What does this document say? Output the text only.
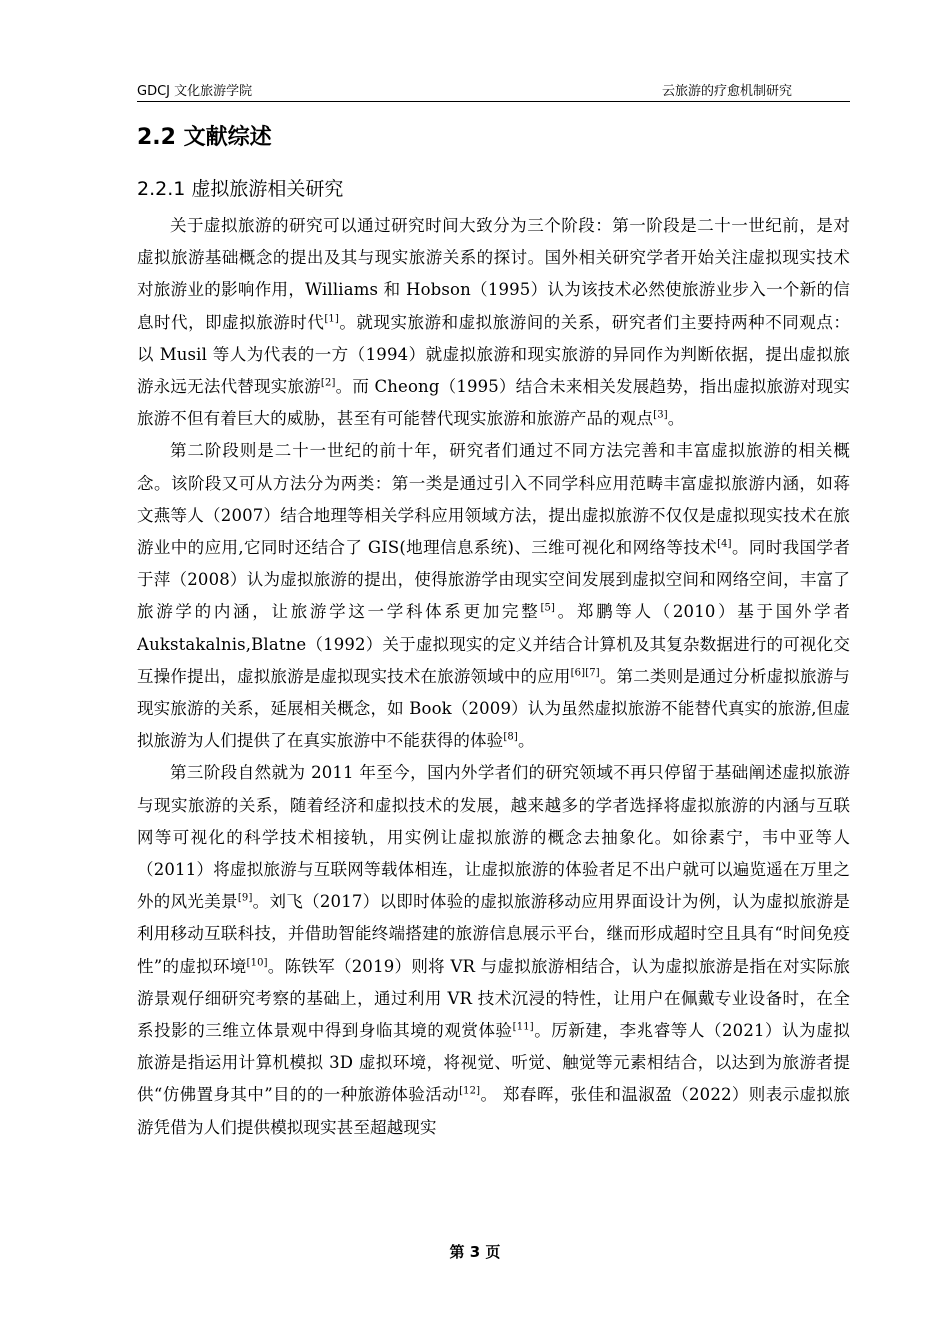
GDCJ 文化旅游学院	云旅游的疗愈机制研究
2.2 文献综述
2.2.1 虚拟旅游相关研究

关于虚拟旅游的研究可以通过研究时间大致分为三个阶段：第一阶段是二十一世纪前，是对虚拟旅游基础概念的提出及其与现实旅游关系的探讨。国外相关研究学者开始关注虚拟现实技术对旅游业的影响作用，Williams 和 Hobson（1995）认为该技术必然使旅游业步入一个新的信息时代，即虚拟旅游时代[1]。就现实旅游和虚拟旅游间的关系，研究者们主要持两种不同观点：以 Musil 等人为代表的一方（1994）就虚拟旅游和现实旅游的异同作为判断依据，提出虚拟旅游永远无法代替现实旅游[2]。而 Cheong（1995）结合未来相关发展趋势，指出虚拟旅游对现实旅游不但有着巨大的威胁，甚至有可能替代现实旅游和旅游产品的观点[3]。

第二阶段则是二十一世纪的前十年，研究者们通过不同方法完善和丰富虚拟旅游的相关概念。该阶段又可从方法分为两类：第一类是通过引入不同学科应用范畴丰富虚拟旅游内涵，如蒋文燕等人（2007）结合地理等相关学科应用领域方法，提出虚拟旅游不仅仅是虚拟现实技术在旅游业中的应用,它同时还结合了 GIS(地理信息系统)、三维可视化和网络等技术[4]。同时我国学者于萍（2008）认为虚拟旅游的提出，使得旅游学由现实空间发展到虚拟空间和网络空间，丰富了旅游学的内涵，让旅游学这一学科体系更加完整[5]。郑鹏等人（2010）基于国外学者 Aukstakalnis,Blatne（1992）关于虚拟现实的定义并结合计算机及其复杂数据进行的可视化交互操作提出，虚拟旅游是虚拟现实技术在旅游领域中的应用[6][7]。第二类则是通过分析虚拟旅游与现实旅游的关系，延展相关概念，如 Book（2009）认为虽然虚拟旅游不能替代真实的旅游,但虚拟旅游为人们提供了在真实旅游中不能获得的体验[8]。

第三阶段自然就为 2011 年至今，国内外学者们的研究领域不再只停留于基础阐述虚拟旅游与现实旅游的关系，随着经济和虚拟技术的发展，越来越多的学者选择将虚拟旅游的内涵与互联网等可视化的科学技术相接轨，用实例让虚拟旅游的概念去抽象化。如徐素宁，韦中亚等人（2011）将虚拟旅游与互联网等载体相连，让虚拟旅游的体验者足不出户就可以遍览遥在万里之外的风光美景[9]。刘飞（2017）以即时体验的虚拟旅游移动应用界面设计为例，认为虚拟旅游是利用移动互联科技，并借助智能终端搭建的旅游信息展示平台，继而形成超时空且具有“时间免疫性”的虚拟环境[10]。陈铁军（2019）则将 VR 与虚拟旅游相结合，认为虚拟旅游是指在对实际旅游景观仔细研究考察的基础上，通过利用 VR 技术沉浸的特性，让用户在佩戴专业设备时，在全系投影的三维立体景观中得到身临其境的观赏体验[11]。厉新建，李兆睿等人（2021）认为虚拟旅游是指运用计算机模拟 3D 虚拟环境，将视觉、听觉、触觉等元素相结合，以达到为旅游者提供“仿佛置身其中”目的的一种旅游体验活动[12]。 郑春晖，张佳和温淑盈（2022）则表示虚拟旅游凭借为人们提供模拟现实甚至超越现实

第 3 页
